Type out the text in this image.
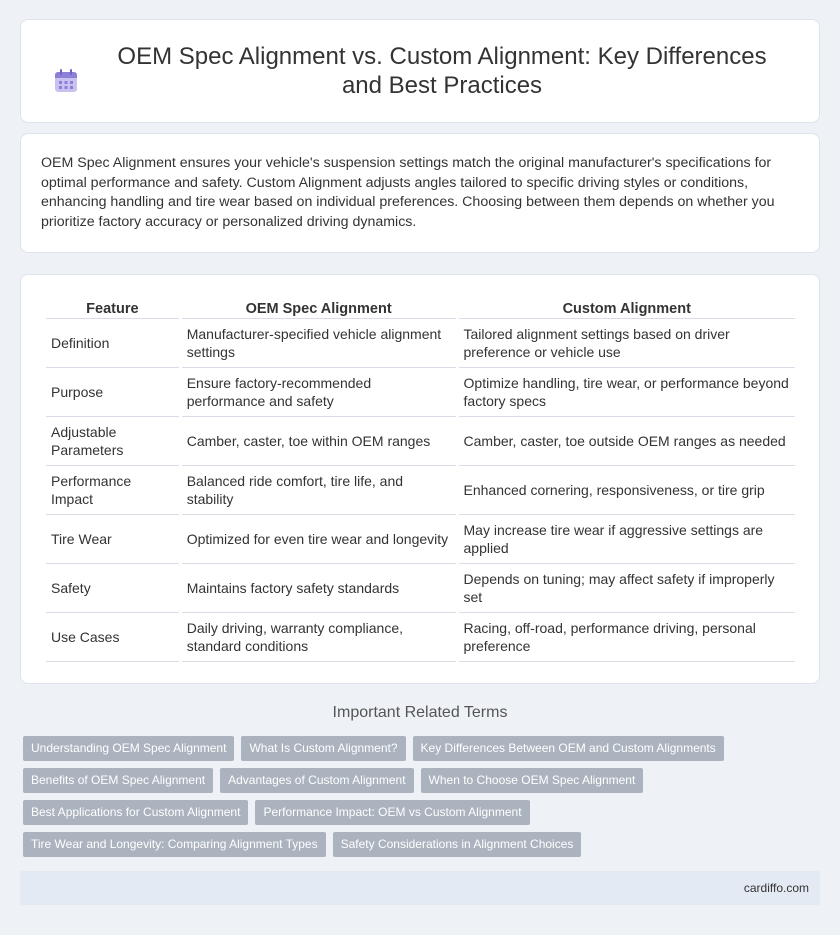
OEM Spec Alignment vs. Custom Alignment: Key Differences and Best Practices

OEM Spec Alignment ensures your vehicle's suspension settings match the original manufacturer's specifications for optimal performance and safety. Custom Alignment adjusts angles tailored to specific driving styles or conditions, enhancing handling and tire wear based on individual preferences. Choosing between them depends on whether you prioritize factory accuracy or personalized driving dynamics.

Feature	OEM Spec Alignment	Custom Alignment
Definition	Manufacturer-specified vehicle alignment settings	Tailored alignment settings based on driver preference or vehicle use
Purpose	Ensure factory-recommended performance and safety	Optimize handling, tire wear, or performance beyond factory specs
Adjustable Parameters	Camber, caster, toe within OEM ranges	Camber, caster, toe outside OEM ranges as needed
Performance Impact	Balanced ride comfort, tire life, and stability	Enhanced cornering, responsiveness, or tire grip
Tire Wear	Optimized for even tire wear and longevity	May increase tire wear if aggressive settings are applied
Safety	Maintains factory safety standards	Depends on tuning; may affect safety if improperly set
Use Cases	Daily driving, warranty compliance, standard conditions	Racing, off-road, performance driving, personal preference
Important Related Terms
Understanding OEM Spec Alignment	What Is Custom Alignment?	Key Differences Between OEM and Custom Alignments
Benefits of OEM Spec Alignment	Advantages of Custom Alignment	When to Choose OEM Spec Alignment
Best Applications for Custom Alignment	Performance Impact: OEM vs Custom Alignment
Tire Wear and Longevity: Comparing Alignment Types	Safety Considerations in Alignment Choices
cardiffo.com
